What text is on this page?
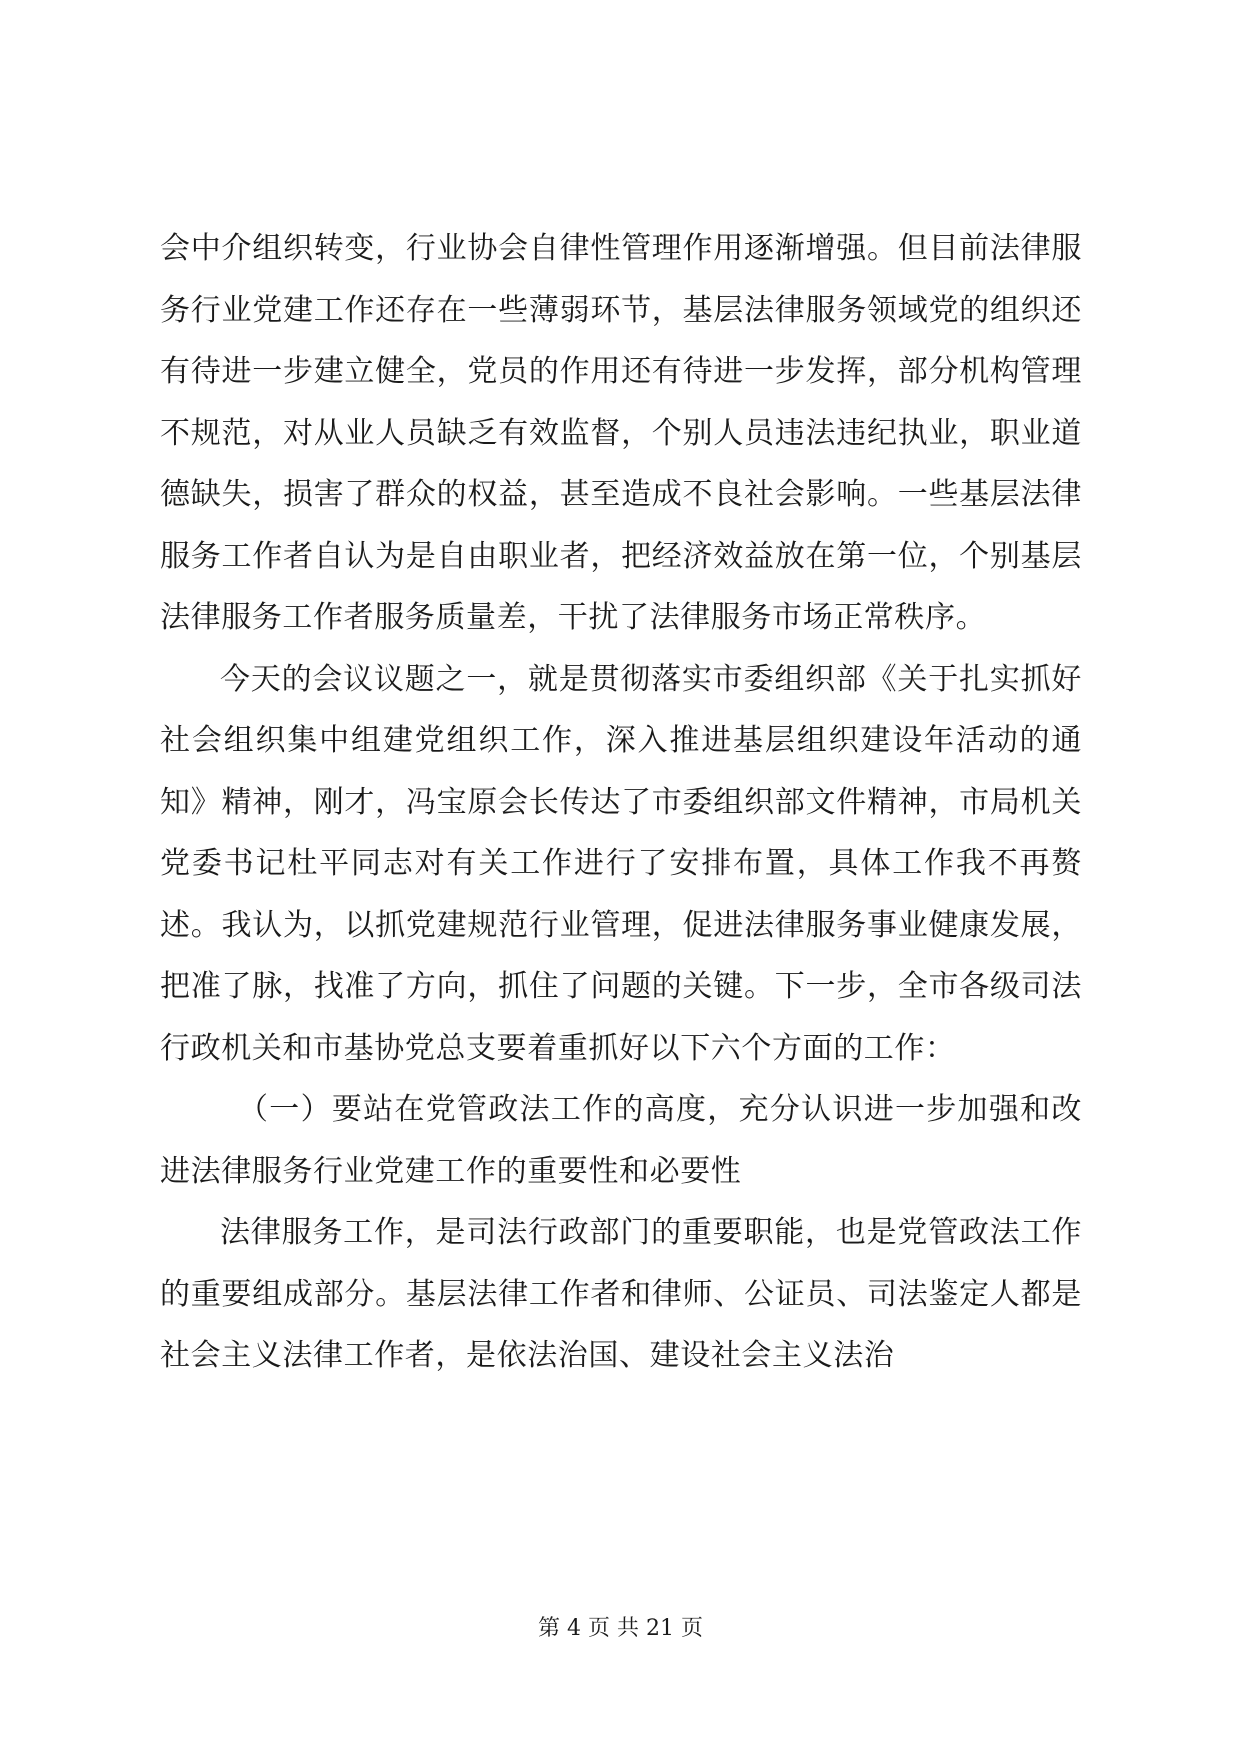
会中介组织转变，行业协会自律性管理作用逐渐增强。但目前法律服务行业党建工作还存在一些薄弱环节，基层法律服务领域党的组织还有待进一步建立健全，党员的作用还有待进一步发挥，部分机构管理不规范，对从业人员缺乏有效监督，个别人员违法违纪执业，职业道德缺失，损害了群众的权益，甚至造成不良社会影响。一些基层法律服务工作者自认为是自由职业者，把经济效益放在第一位，个别基层法律服务工作者服务质量差，干扰了法律服务市场正常秩序。

今天的会议议题之一，就是贯彻落实市委组织部《关于扎实抓好社会组织集中组建党组织工作，深入推进基层组织建设年活动的通知》精神，刚才，冯宝原会长传达了市委组织部文件精神，市局机关党委书记杜平同志对有关工作进行了安排布置，具体工作我不再赘述。我认为，以抓党建规范行业管理，促进法律服务事业健康发展，把准了脉，找准了方向，抓住了问题的关键。下一步，全市各级司法行政机关和市基协党总支要着重抓好以下六个方面的工作：

（一）要站在党管政法工作的高度，充分认识进一步加强和改进法律服务行业党建工作的重要性和必要性

法律服务工作，是司法行政部门的重要职能，也是党管政法工作的重要组成部分。基层法律工作者和律师、公证员、司法鉴定人都是社会主义法律工作者，是依法治国、建设社会主义法治

第 4 页 共 21 页
